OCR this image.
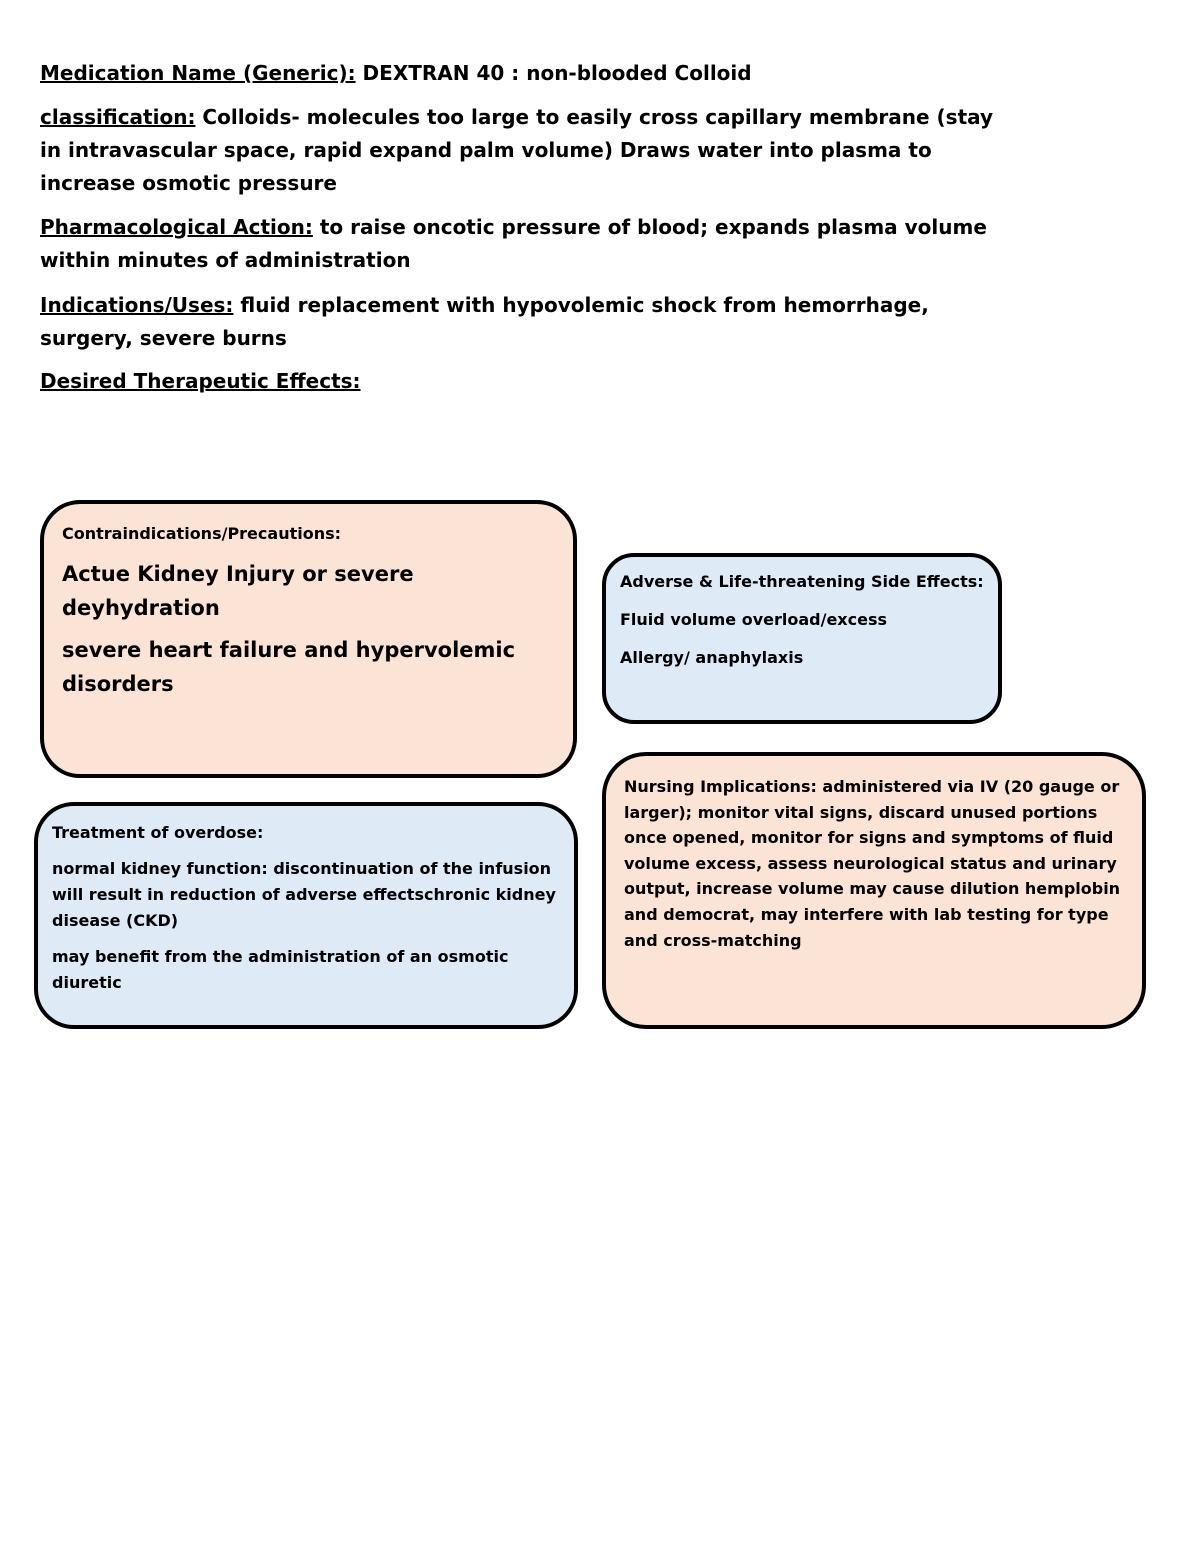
Medication Name (Generic): DEXTRAN 40 : non-blooded Colloid
classification: Colloids- molecules too large to easily cross capillary membrane (stay in intravascular space, rapid expand palm volume) Draws water into plasma to increase osmotic pressure
Pharmacological Action: to raise oncotic pressure of blood; expands plasma volume within minutes of administration
Indications/Uses: fluid replacement with hypovolemic shock from hemorrhage, surgery, severe burns
Desired Therapeutic Effects:
Contraindications/Precautions:
Actue Kidney Injury or severe deyhydration
severe heart failure and hypervolemic disorders

Adverse & Life-threatening Side Effects:

Fluid volume overload/excess

Allergy/ anaphylaxis

Treatment of overdose:

normal kidney function: discontinuation of the infusion will result in reduction of adverse effectschronic kidney disease (CKD)

may benefit from the administration of an osmotic diuretic

Nursing Implications: administered via IV (20 gauge or larger); monitor vital signs, discard unused portions once opened, monitor for signs and symptoms of fluid volume excess, assess neurological status and urinary output, increase volume may cause dilution hemplobin and democrat, may interfere with lab testing for type and cross-matching
